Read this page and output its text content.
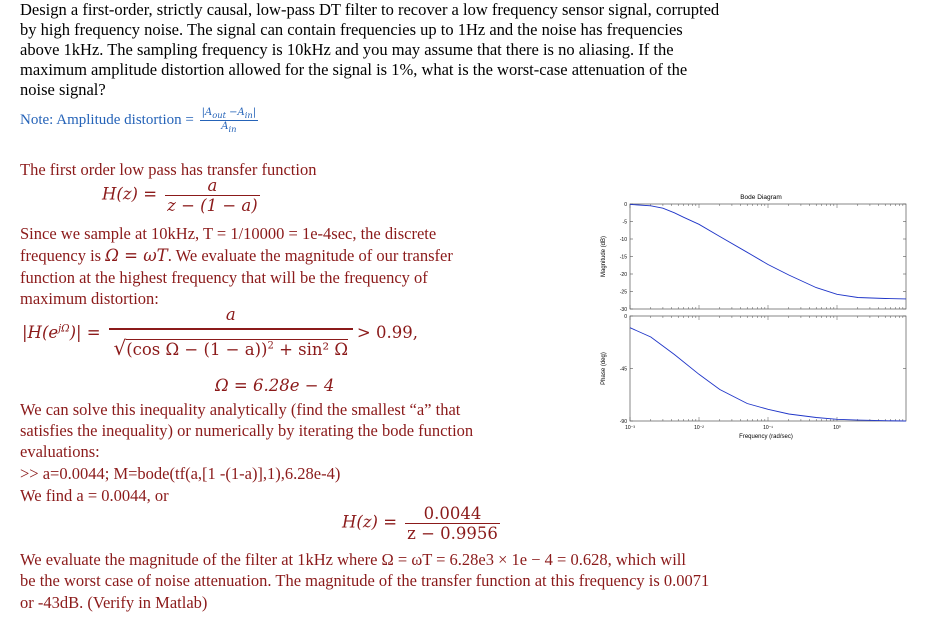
Design a first-order, strictly causal, low-pass DT filter to recover a low frequency sensor signal, corrupted
by high frequency noise. The signal can contain frequencies up to 1Hz and the noise has frequencies
above 1kHz. The sampling frequency is 10kHz and you may assume that there is no aliasing. If the
maximum amplitude distortion allowed for the signal is 1%, what is the worst-case attenuation of the
noise signal?
Note: Amplitude distortion = $\frac{|A_{out} -A_{in}|}{A_{in}}$
The first order low pass has transfer function
$H(z) = \frac{a}{z - (1 - a)}$
Since we sample at 10kHz, T = 1/10000 = 1e-4sec, the discrete
frequency is Ω = ωT. We evaluate the magnitude of our transfer
function at the highest frequency that will be the frequency of
maximum distortion:
$|H(e^{j\Omega})| = \frac{a}{√(\cos \Omega - (1 - a))^2 + \sin^2 \Omega} > 0.99$,
Ω = 6.28e − 4
We can solve this inequality analytically (find the smallest “a” that
satisfies the inequality) or numerically by iterating the bode function
evaluations:
>> a=0.0044; M=bode(tf(a,[1 -(1-a)],1),6.28e-4)
We find a = 0.0044, or
$H(z) = \frac{0.0044}{z - 0.9956}$
We evaluate the magnitude of the filter at 1kHz where Ω = ωT = 6.28e3 × 1e − 4 = 0.628, which will
be the worst case of noise attenuation. The magnitude of the transfer function at this frequency is 0.0071
or -43dB. (Verify in Matlab)
Bode Diagram
Frequency (rad/sec)
0
-5
-10
-15
-20
-25
-30
Magnitude (dB)
0
-45
-90
Phase (deg)
10⁻³	10⁻²	10⁻¹	10⁰
